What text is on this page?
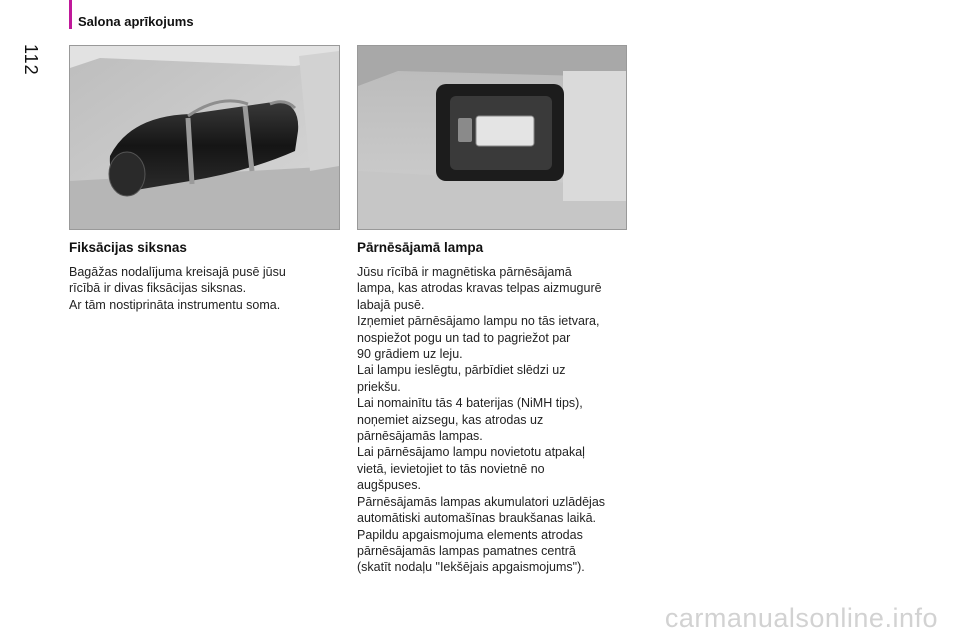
Salona aprīkojums
112
Fiksācijas siksnas

Bagāžas nodalījuma kreisajā pusē jūsu

rīcībā ir divas fiksācijas siksnas.

Ar tām nostiprināta instrumentu soma.

Pārnēsājamā lampa

Jūsu rīcībā ir magnētiska pārnēsājamā

lampa, kas atrodas kravas telpas aizmugurē

labajā pusē.

Izņemiet pārnēsājamo lampu no tās ietvara,

nospiežot pogu un tad to pagriežot par

90 grādiem uz leju.

Lai lampu ieslēgtu, pārbīdiet slēdzi uz

priekšu.

Lai nomainītu tās 4 baterijas (NiMH tips),

noņemiet aizsegu, kas atrodas uz

pārnēsājamās lampas.

Lai pārnēsājamo lampu novietotu atpakaļ

vietā, ievietojiet to tās novietnē no

augšpuses.

Pārnēsājamās lampas akumulatori uzlādējas

automātiski automašīnas braukšanas laikā.

Papildu apgaismojuma elements atrodas

pārnēsājamās lampas pamatnes centrā

(skatīt nodaļu "Iekšējais apgaismojums").

carmanualsonline.info
